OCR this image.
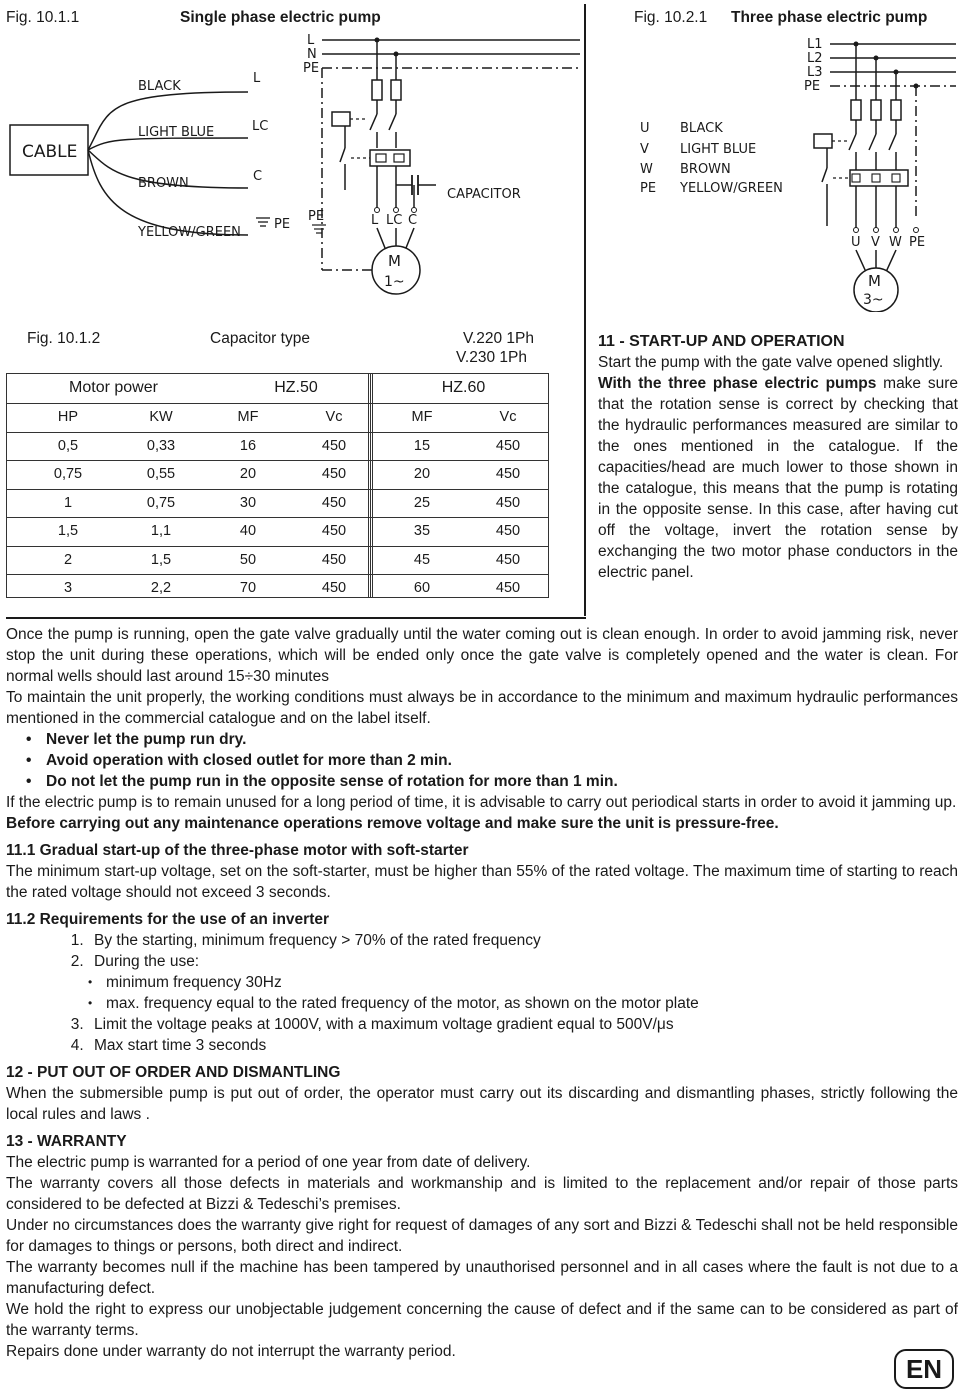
Fig. 10.1.1	Single phase electric pump	Fig. 10.2.1 Three phase electric pump
CABLE
BLACK
LIGHT BLUE
BROWN
YELLOW/GREEN
L
LC
C
PE
L
N
PE
PE
CAPACITOR
L LC C
M
1~
L1
L2
L3
PE
U V W PE
M
3~
U BLACK
V LIGHT BLUE
W BROWN
PE YELLOW/GREEN
Fig. 10.1.2	Capacitor type	V.220 1Ph
V.230 1Ph
Motor power	HZ.50	HZ.60
HP	KW	MF	Vc	MF	Vc
0,5	0,33	16	450	15	450
0,75	0,55	20	450	20	450
1	0,75	30	450	25	450
1,5	1,1	40	450	35	450
2	1,5	50	450	45	450
3	2,2	70	450	60	450

11 - START-UP AND OPERATION

Start the pump with the gate valve opened slightly.

With the three phase electric pumps make sure that the rotation sense is correct by checking that the hydraulic performances measured are similar to the ones mentioned in the catalogue. If the capacities/head are much lower to those shown in the catalogue, this means that the pump is rotating in the opposite sense. In this case, after having cut off the voltage, invert the rotation sense by exchanging the two motor phase conductors in the electric panel.

Once the pump is running, open the gate valve gradually until the water coming out is clean enough. In order to avoid jamming risk, never stop the unit during these operations, which will be ended only once the gate valve is completely opened and the water is clean. For normal wells should last around 15÷30 minutes

To maintain the unit properly, the working conditions must always be in accordance to the minimum and maximum hydraulic performances mentioned in the commercial catalogue and on the label itself.

• Never let the pump run dry.
• Avoid operation with closed outlet for more than 2 min.
• Do not let the pump run in the opposite sense of rotation for more than 1 min.

If the electric pump is to remain unused for a long period of time, it is advisable to carry out periodical starts in order to avoid it jamming up.

Before carrying out any maintenance operations remove voltage and make sure the unit is pressure-free.

11.1 Gradual start-up of the three-phase motor with soft-starter

The minimum start-up voltage, set on the soft-starter, must be higher than 55% of the rated voltage. The maximum time of starting to reach the rated voltage should not exceed 3 seconds.

11.2 Requirements for the use of an inverter

1. By the starting, minimum frequency > 70% of the rated frequency
2. During the use:
• minimum frequency 30Hz
• max. frequency equal to the rated frequency of the motor, as shown on the motor plate
3. Limit the voltage peaks at 1000V, with a maximum voltage gradient equal to 500V/μs
4. Max start time 3 seconds

12 - PUT OUT OF ORDER AND DISMANTLING

When the submersible pump is put out of order, the operator must carry out its discarding and dismantling phases, strictly following the local rules and laws .

13 - WARRANTY

The electric pump is warranted for a period of one year from date of delivery.

The warranty covers all those defects in materials and workmanship and is limited to the replacement and/or repair of those parts considered to be defected at Bizzi & Tedeschi’s premises.

Under no circumstances does the warranty give right for request of damages of any sort and Bizzi & Tedeschi shall not be held responsible for damages to things or persons, both direct and indirect.

The warranty becomes null if the machine has been tampered by unauthorised personnel and in all cases where the fault is not due to a manufacturing defect.

We hold the right to express our unobjectable judgement concerning the cause of defect and if the same can to be considered as part of the warranty terms.

Repairs done under warranty do not interrupt the warranty period.

EN
